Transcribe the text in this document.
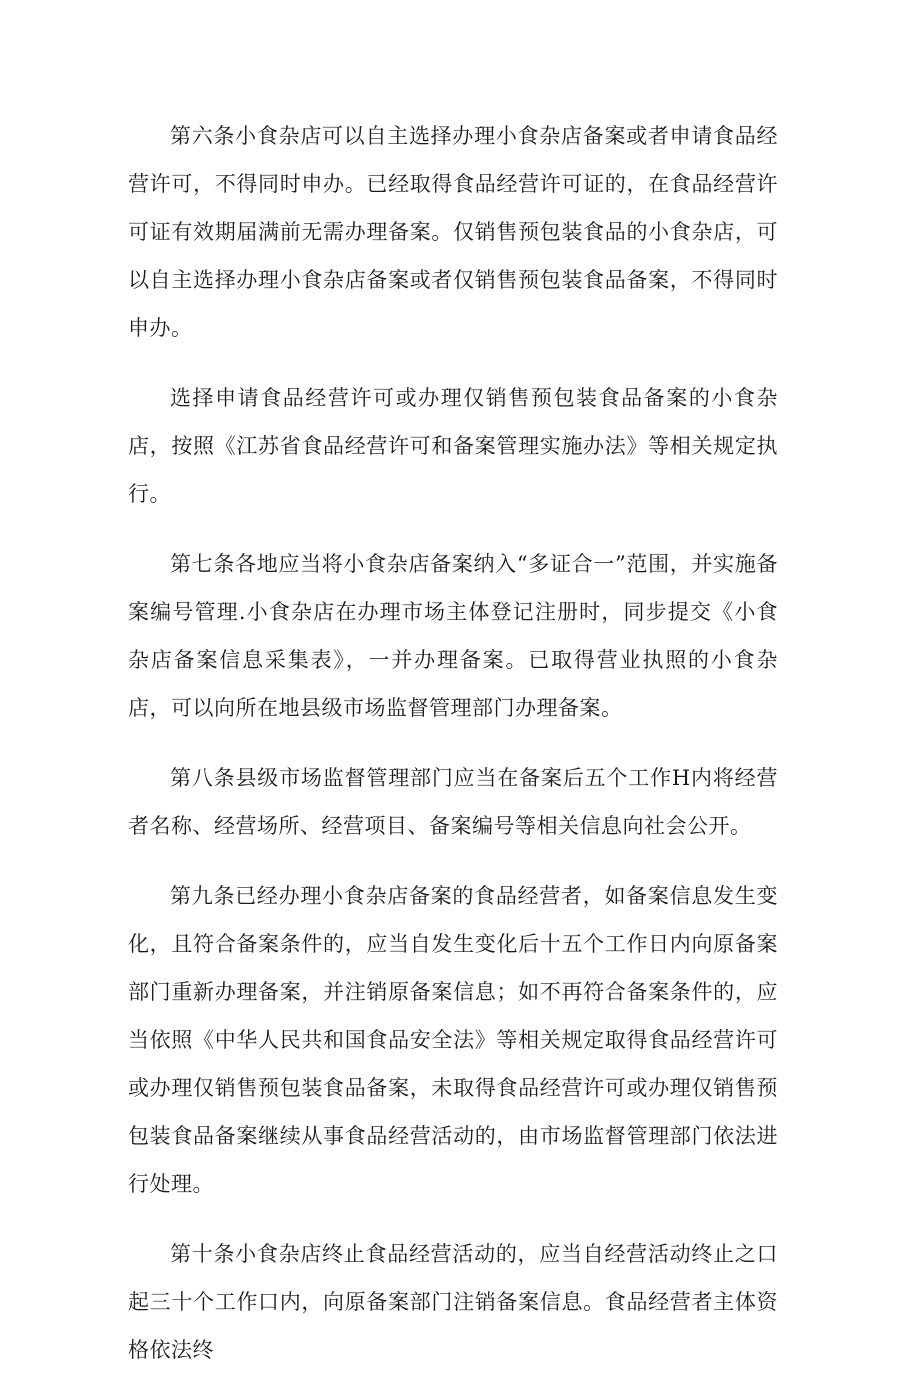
第六条小食杂店可以自主选择办理小食杂店备案或者申请食品经营许可，不得同时申办。已经取得食品经营许可证的，在食品经营许可证有效期届满前无需办理备案。仅销售预包装食品的小食杂店，可以自主选择办理小食杂店备案或者仅销售预包装食品备案，不得同时申办。

选择申请食品经营许可或办理仅销售预包装食品备案的小食杂店，按照《江苏省食品经营许可和备案管理实施办法》等相关规定执行。

第七条各地应当将小食杂店备案纳入“多证合一”范围，并实施备案编号管理.小食杂店在办理市场主体登记注册时，同步提交《小食杂店备案信息采集表》，一并办理备案。已取得营业执照的小食杂店，可以向所在地县级市场监督管理部门办理备案。

第八条县级市场监督管理部门应当在备案后五个工作H内将经营者名称、经营场所、经营项目、备案编号等相关信息向社会公开。

第九条已经办理小食杂店备案的食品经营者，如备案信息发生变化，且符合备案条件的，应当自发生变化后十五个工作日内向原备案部门重新办理备案，并注销原备案信息；如不再符合备案条件的，应当依照《中华人民共和国食品安全法》等相关规定取得食品经营许可或办理仅销售预包装食品备案，未取得食品经营许可或办理仅销售预包装食品备案继续从事食品经营活动的，由市场监督管理部门依法进行处理。

第十条小食杂店终止食品经营活动的，应当自经营活动终止之口起三十个工作口内，向原备案部门注销备案信息。食品经营者主体资格依法终
